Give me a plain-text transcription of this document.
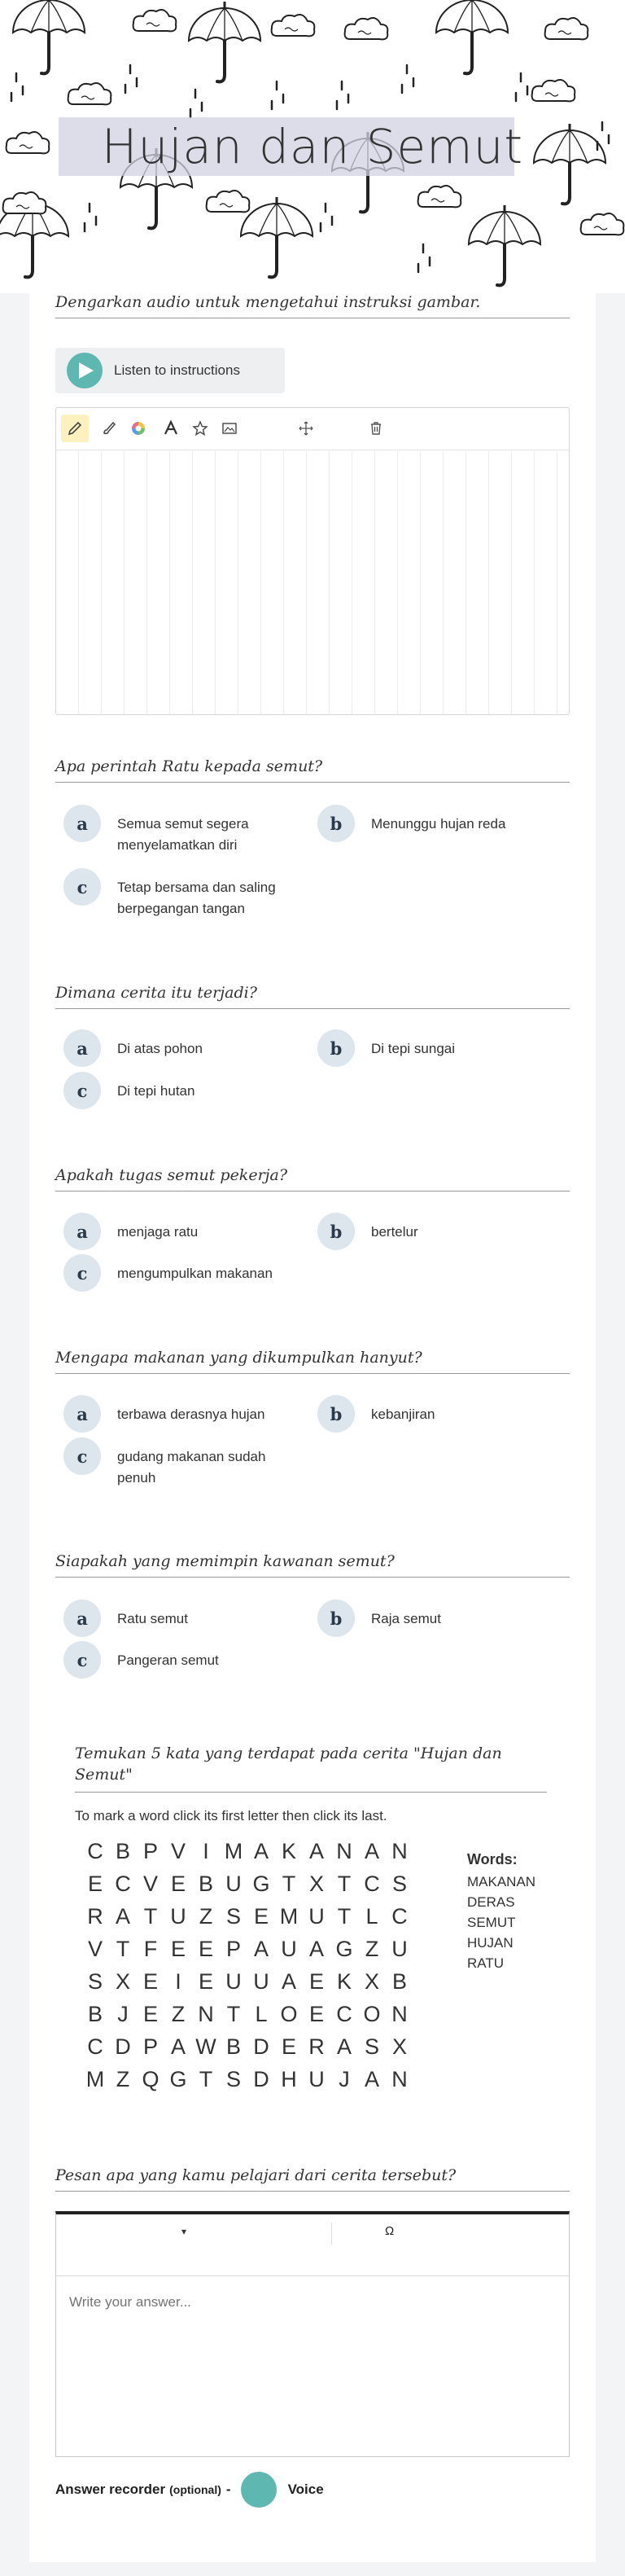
Hujan dan Semut
Dengarkan audio untuk mengetahui instruksi gambar.
Listen to instructions
Apa perintah Ratu kepada semut?
a	Semua semut segera menyelamatkan diri
b	Menunggu hujan reda
c	Tetap bersama dan saling berpegangan tangan
Dimana cerita itu terjadi?
a	Di atas pohon	b	Di tepi sungai
c	Di tepi hutan
Apakah tugas semut pekerja?
a	menjaga ratu	b	bertelur
c	mengumpulkan makanan
Mengapa makanan yang dikumpulkan hanyut?
a	terbawa derasnya hujan	b	kebanjiran
c	gudang makanan sudah penuh
Siapakah yang memimpin kawanan semut?
a	Ratu semut	b	Raja semut
c	Pangeran semut
Temukan 5 kata yang terdapat pada cerita "Hujan dan Semut"
To mark a word click its first letter then click its last.
C B P V I M A K A N A N
E C V E B U G T X T C S
R A T U Z S E M U T L C
V T F E E P A U A G Z U
S X E I E U U A E K X B
B J E Z N T L O E C O N
C D P A W B D E R A S X
M Z Q G T S D H U J A N
Words:
MAKANAN
DERAS
SEMUT
HUJAN
RATU
Pesan apa yang kamu pelajari dari cerita tersebut?
▾	Ω
Write your answer...
Answer recorder (optional) -	Voice
